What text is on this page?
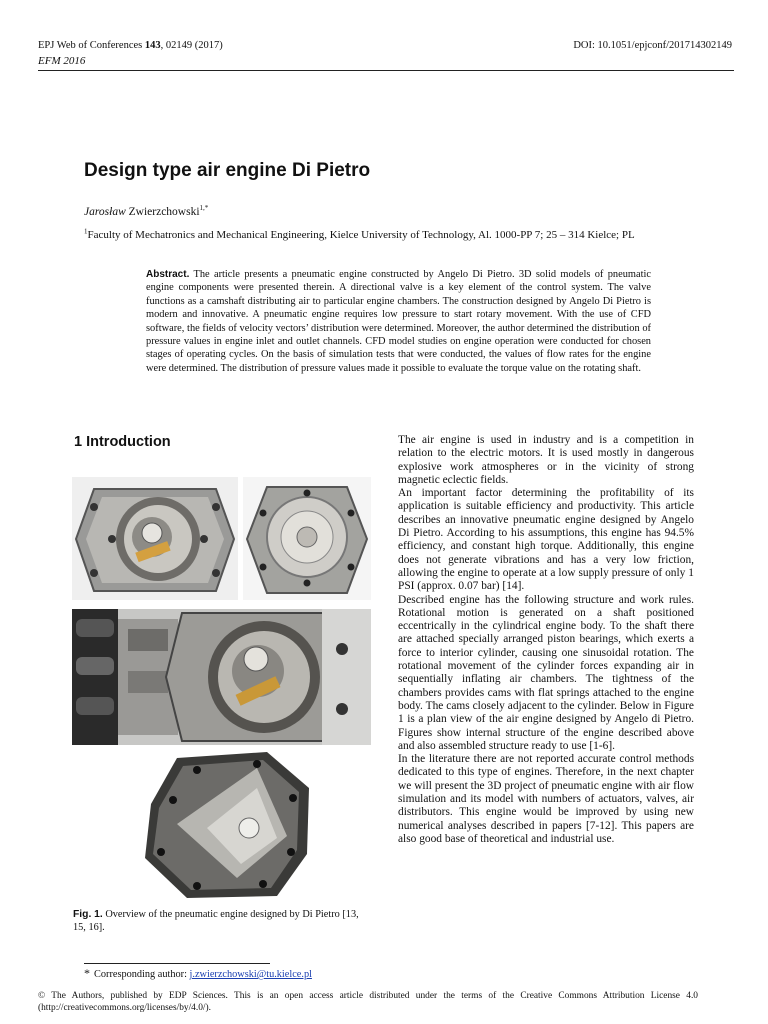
EPJ Web of Conferences 143, 02149 (2017)	DOI: 10.1051/epjconf/201714302149
EFM 2016
Design type air engine Di Pietro
Jarosław Zwierzchowski$^{1,*}$
$^1$Faculty of Mechatronics and Mechanical Engineering, Kielce University of Technology, Al. 1000-PP 7; 25 – 314 Kielce; PL
Abstract. The article presents a pneumatic engine constructed by Angelo Di Pietro. 3D solid models of pneumatic engine components were presented therein. A directional valve is a key element of the control system. The valve functions as a camshaft distributing air to particular engine chambers. The construction designed by Angelo Di Pietro is modern and innovative. A pneumatic engine requires low pressure to start rotary movement. With the use of CFD software, the fields of velocity vectors’ distribution were determined. Moreover, the author determined the distribution of pressure values in engine inlet and outlet channels. CFD model studies on engine operation were conducted for chosen stages of operating cycles. On the basis of simulation tests that were conducted, the values of flow rates for the engine were determined. The distribution of pressure values made it possible to evaluate the torque value on the rotating shaft.
1 Introduction	The air engine is used in industry and is a competition in relation to the electric motors. It is used mostly in dangerous explosive work atmospheres or in the vicinity of strong magnetic eclectic fields.

An important factor determining the profitability of its application is suitable efficiency and productivity. This article describes an innovative pneumatic engine designed by Angelo Di Pietro. According to his assumptions, this engine has 94.5% efficiency, and constant high torque. Additionally, this engine does not generate vibrations and has a very low friction, allowing the engine to operate at a low supply pressure of only 1 PSI (approx. 0.07 bar) [14].

Described engine has the following structure and work rules. Rotational motion is generated on a shaft positioned eccentrically in the cylindrical engine body. To the shaft there are attached specially arranged piston bearings, which exerts a force to interior cylinder, causing one sinusoidal rotation. The rotational movement of the cylinder forces expanding air in sequentially inflating air chambers. The tightness of the chambers provides cams with flat springs attached to the engine body. The cams closely adjacent to the cylinder. Below in Figure 1 is a plan view of the air engine designed by Angelo di Pietro. Figures show internal structure of the engine described above and also assembled structure ready to use [1-6].

In the literature there are not reported accurate control methods dedicated to this type of engines. Therefore, in the next chapter we will present the 3D project of pneumatic engine with air flow simulation and its model with numbers of actuators, valves, air distributors. This engine would be improved by using new numerical analyses described in papers [7-12]. This papers are also good base of theoretical and industrial use.

Fig. 1. Overview of the pneumatic engine designed by Di Pietro [13, 15, 16].
* Corresponding author: j.zwierzchowski@tu.kielce.pl
© The Authors, published by EDP Sciences. This is an open access article distributed under the terms of the Creative Commons Attribution License 4.0 (http://creativecommons.org/licenses/by/4.0/).
